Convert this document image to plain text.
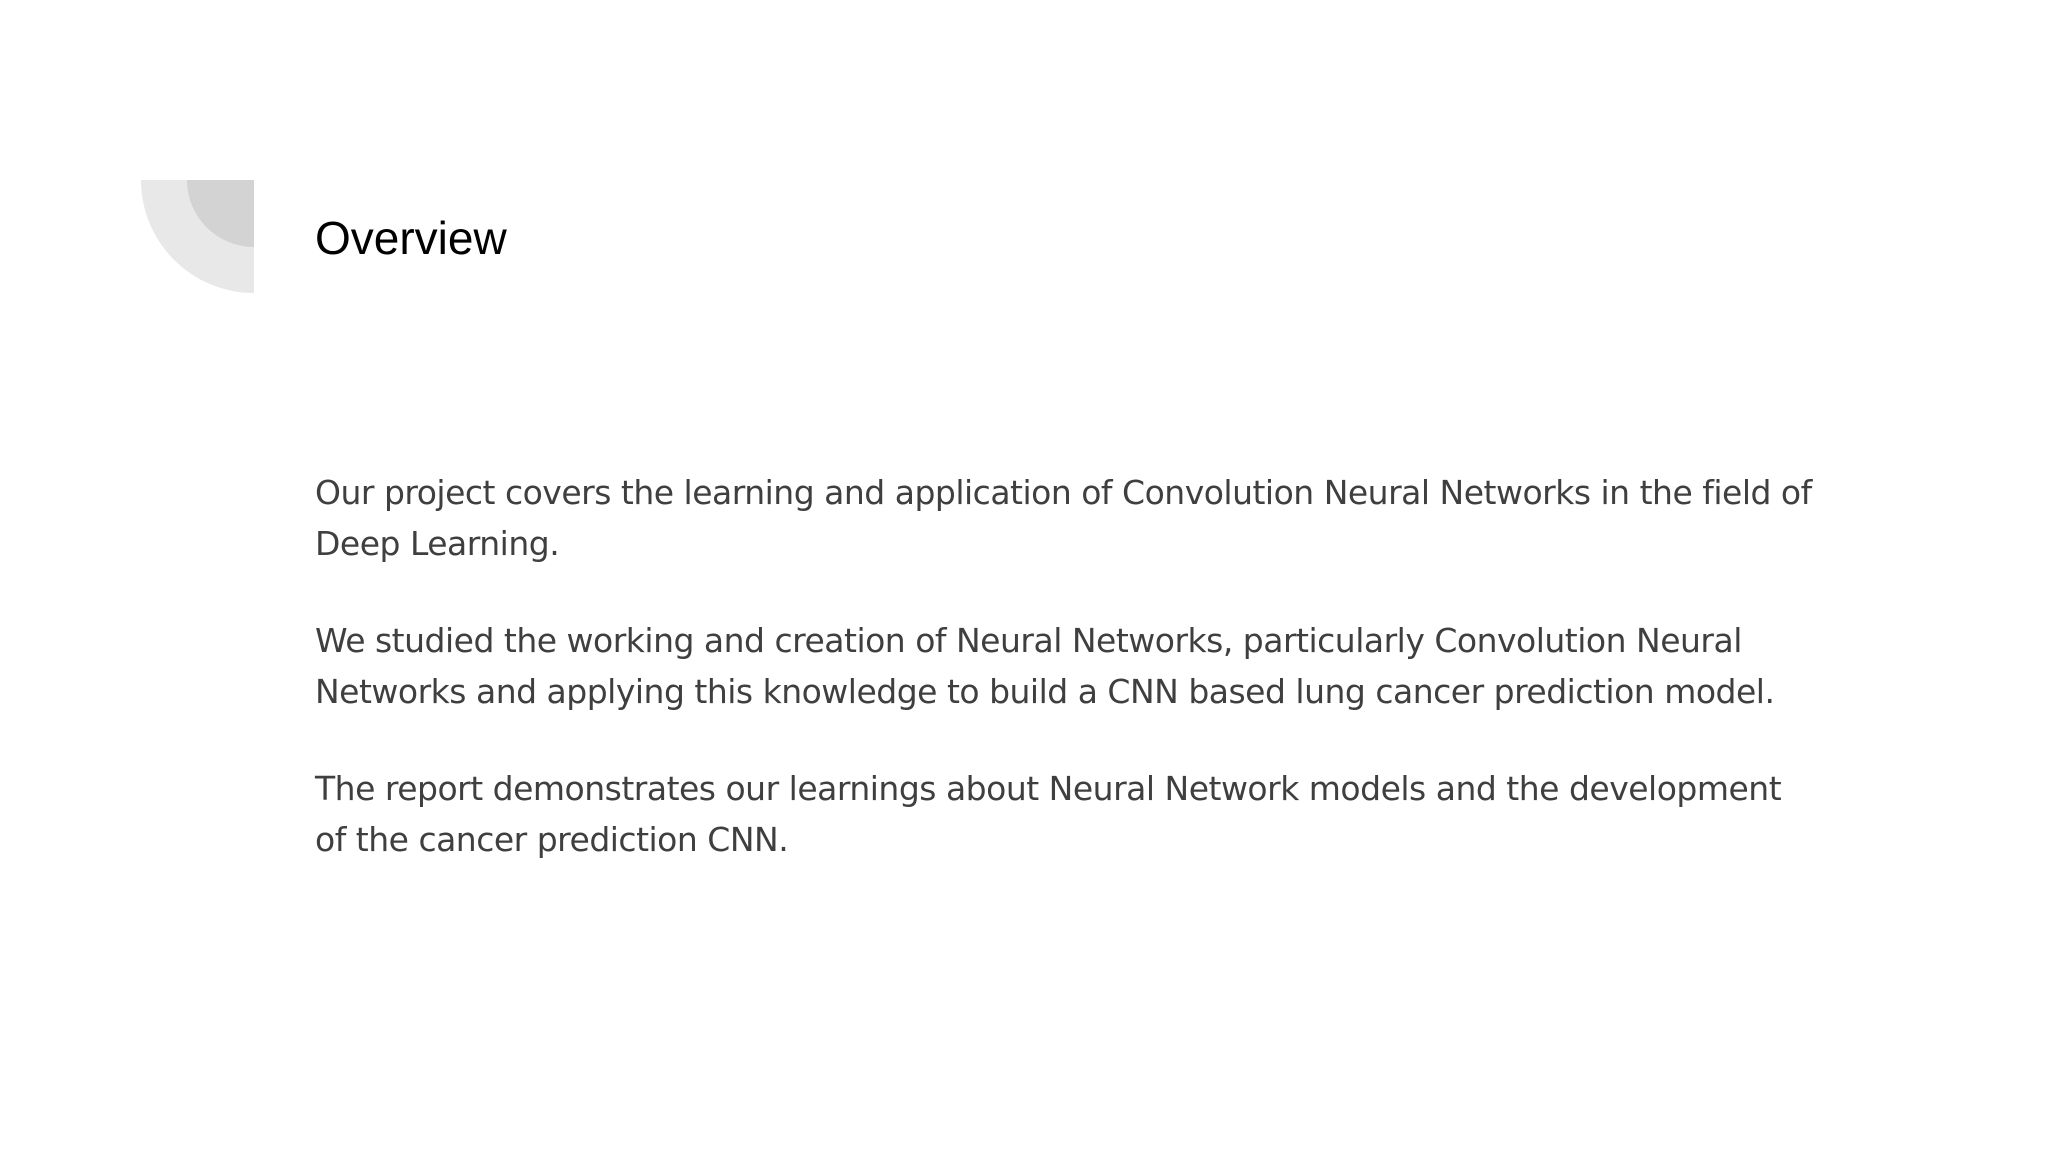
Overview

Our project covers the learning and application of Convolution Neural Networks in the field of
Deep Learning.

We studied the working and creation of Neural Networks, particularly Convolution Neural
Networks and applying this knowledge to build a CNN based lung cancer prediction model.

The report demonstrates our learnings about Neural Network models and the development
of the cancer prediction CNN.
